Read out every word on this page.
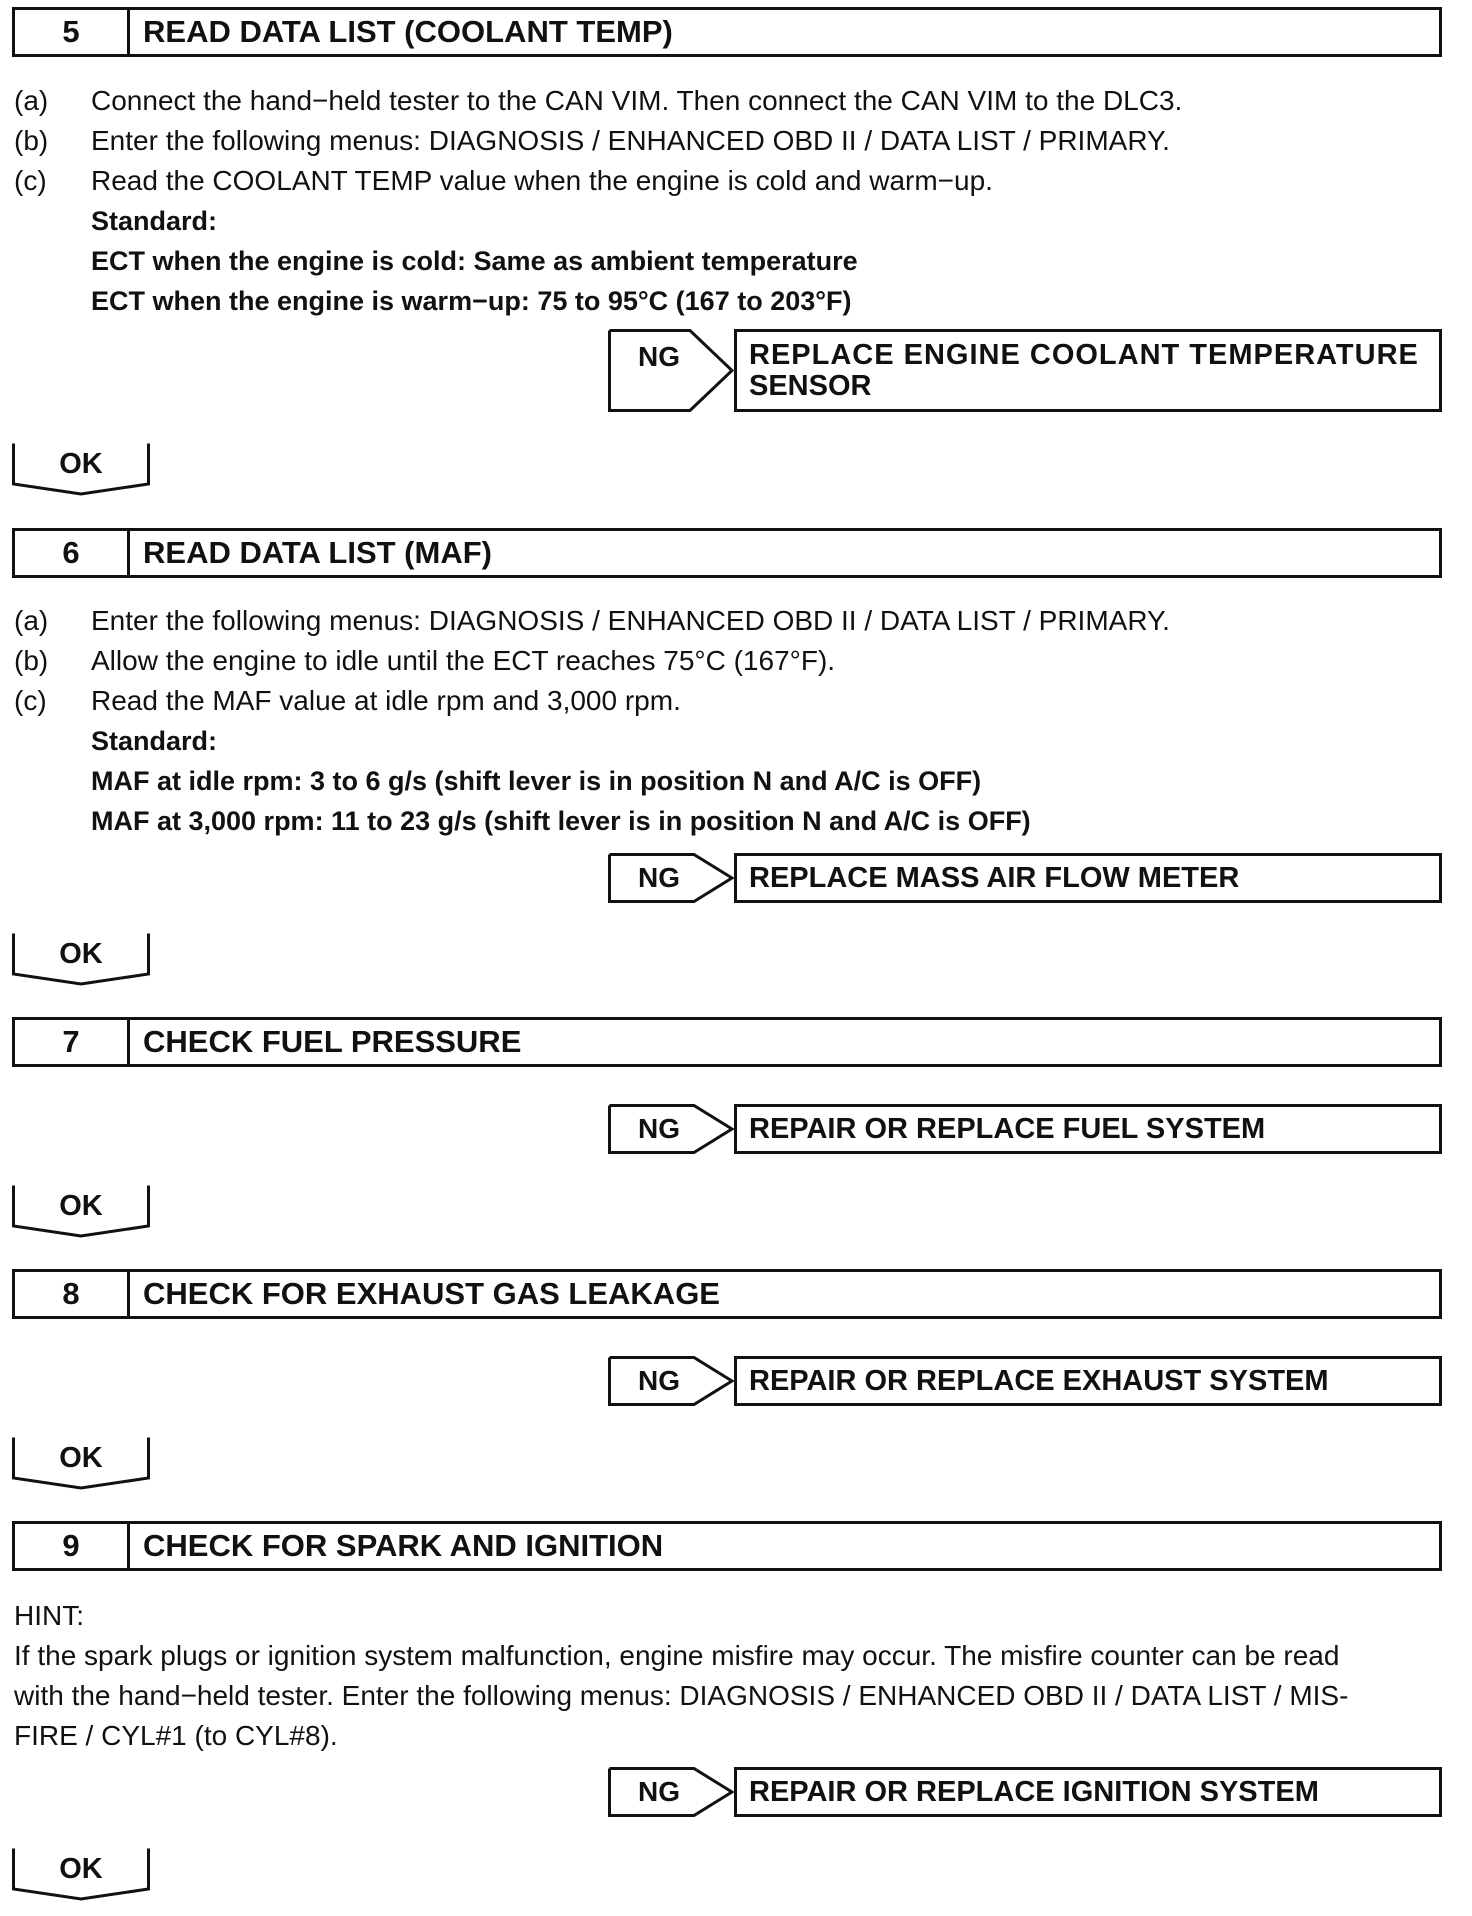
5	READ DATA LIST (COOLANT TEMP)
(a) Connect the hand−held tester to the CAN VIM. Then connect the CAN VIM to the DLC3.
(b) Enter the following menus: DIAGNOSIS / ENHANCED OBD II / DATA LIST / PRIMARY.
(c) Read the COOLANT TEMP value when the engine is cold and warm−up.
Standard:
ECT when the engine is cold: Same as ambient temperature
ECT when the engine is warm−up: 75 to 95°C (167 to 203°F)
NG REPLACE ENGINE COOLANT TEMPERATURE
SENSOR
OK
6	READ DATA LIST (MAF)
(a) Enter the following menus: DIAGNOSIS / ENHANCED OBD II / DATA LIST / PRIMARY.
(b) Allow the engine to idle until the ECT reaches 75°C (167°F).
(c) Read the MAF value at idle rpm and 3,000 rpm.
Standard:
MAF at idle rpm: 3 to 6 g/s (shift lever is in position N and A/C is OFF)
MAF at 3,000 rpm: 11 to 23 g/s (shift lever is in position N and A/C is OFF)
NG	REPLACE MASS AIR FLOW METER
OK
7	CHECK FUEL PRESSURE
NG	REPAIR OR REPLACE FUEL SYSTEM
OK
8	CHECK FOR EXHAUST GAS LEAKAGE
NG	REPAIR OR REPLACE EXHAUST SYSTEM
OK
9	CHECK FOR SPARK AND IGNITION
HINT:
If the spark plugs or ignition system malfunction, engine misfire may occur. The misfire counter can be read
with the hand−held tester. Enter the following menus: DIAGNOSIS / ENHANCED OBD II / DATA LIST / MIS-
FIRE / CYL#1 (to CYL#8).
NG	REPAIR OR REPLACE IGNITION SYSTEM
OK
